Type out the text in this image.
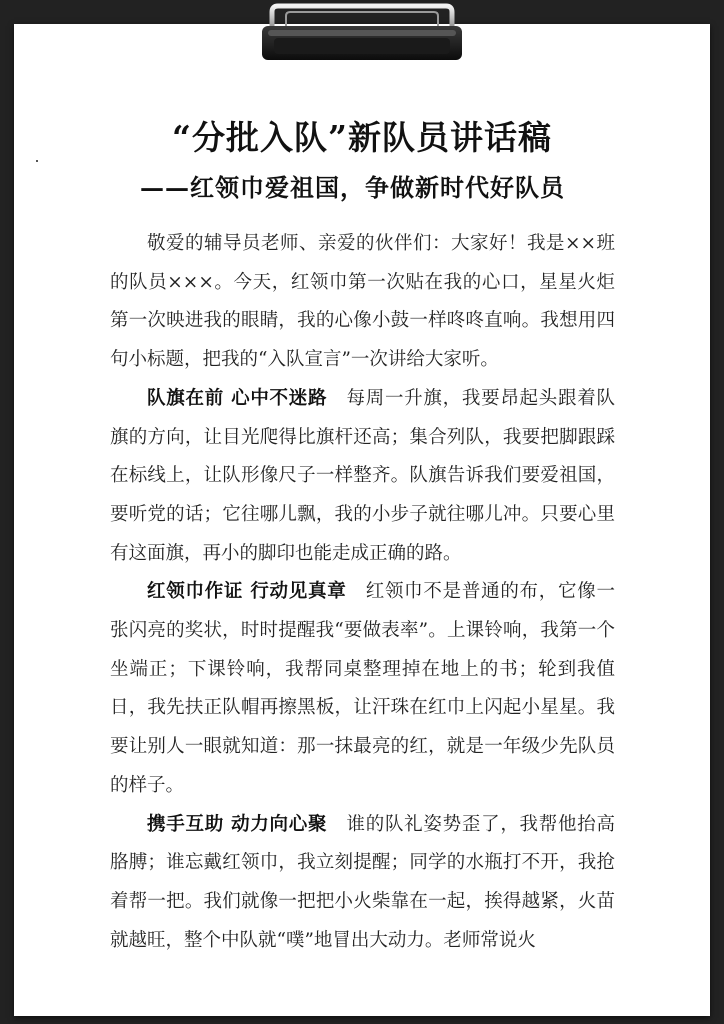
“分批入队”新队员讲话稿
——红领巾爱祖国，争做新时代好队员

敬爱的辅导员老师、亲爱的伙伴们：大家好！我是××班的队员×××。今天，红领巾第一次贴在我的心口，星星火炬第一次映进我的眼睛，我的心像小鼓一样咚咚直响。我想用四句小标题，把我的“入队宣言”一次讲给大家听。

队旗在前 心中不迷路  每周一升旗，我要昂起头跟着队旗的方向，让目光爬得比旗杆还高；集合列队，我要把脚跟踩在标线上，让队形像尺子一样整齐。队旗告诉我们要爱祖国，要听党的话；它往哪儿飘，我的小步子就往哪儿冲。只要心里有这面旗，再小的脚印也能走成正确的路。

红领巾作证 行动见真章  红领巾不是普通的布，它像一张闪亮的奖状，时时提醒我“要做表率”。上课铃响，我第一个坐端正；下课铃响，我帮同桌整理掉在地上的书；轮到我值日，我先扶正队帽再擦黑板，让汗珠在红巾上闪起小星星。我要让别人一眼就知道：那一抹最亮的红，就是一年级少先队员的样子。

携手互助 动力向心聚  谁的队礼姿势歪了，我帮他抬高胳膊；谁忘戴红领巾，我立刻提醒；同学的水瓶打不开，我抢着帮一把。我们就像一把把小火柴靠在一起，挨得越紧，火苗就越旺，整个中队就“噗”地冒出大动力。老师常说火
